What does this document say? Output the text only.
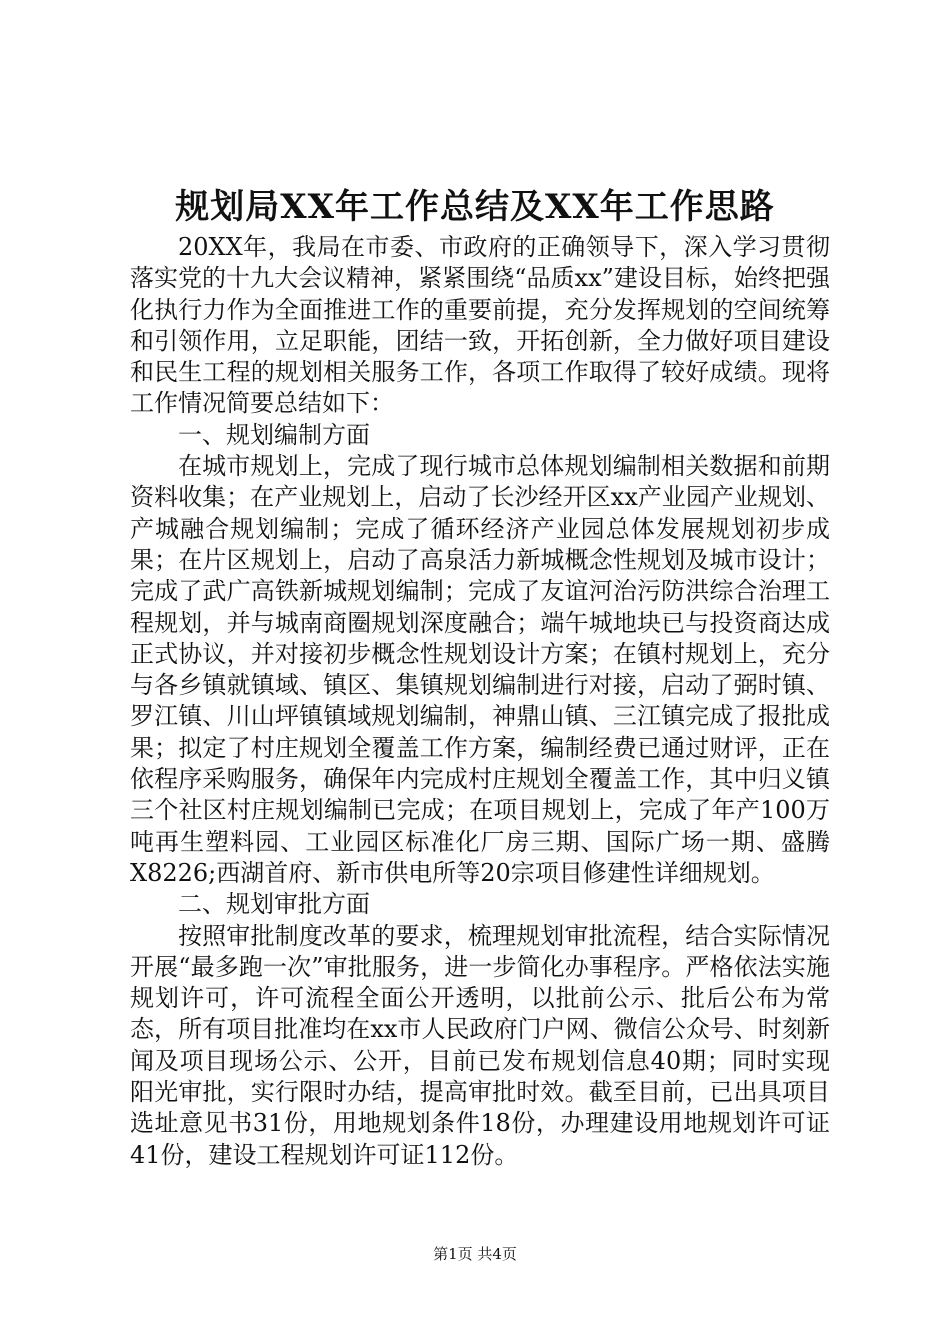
规划局XX年工作总结及XX年工作思路

20XX年，我局在市委、市政府的正确领导下，深入学习贯彻落实党的十九大会议精神，紧紧围绕“品质xx”建设目标，始终把强化执行力作为全面推进工作的重要前提，充分发挥规划的空间统筹和引领作用，立足职能，团结一致，开拓创新，全力做好项目建设和民生工程的规划相关服务工作，各项工作取得了较好成绩。现将工作情况简要总结如下：

一、规划编制方面

在城市规划上，完成了现行城市总体规划编制相关数据和前期资料收集；在产业规划上，启动了长沙经开区xx产业园产业规划、产城融合规划编制；完成了循环经济产业园总体发展规划初步成果；在片区规划上，启动了高泉活力新城概念性规划及城市设计；完成了武广高铁新城规划编制；完成了友谊河治污防洪综合治理工程规划，并与城南商圈规划深度融合；端午城地块已与投资商达成正式协议，并对接初步概念性规划设计方案；在镇村规划上，充分与各乡镇就镇域、镇区、集镇规划编制进行对接，启动了弼时镇、罗江镇、川山坪镇镇域规划编制，神鼎山镇、三江镇完成了报批成果；拟定了村庄规划全覆盖工作方案，编制经费已通过财评，正在依程序采购服务，确保年内完成村庄规划全覆盖工作，其中归义镇三个社区村庄规划编制已完成；在项目规划上，完成了年产100万吨再生塑料园、工业园区标准化厂房三期、国际广场一期、盛腾X8226;西湖首府、新市供电所等20宗项目修建性详细规划。

二、规划审批方面

按照审批制度改革的要求，梳理规划审批流程，结合实际情况开展“最多跑一次”审批服务，进一步简化办事程序。严格依法实施规划许可，许可流程全面公开透明，以批前公示、批后公布为常态，所有项目批准均在xx市人民政府门户网、微信公众号、时刻新闻及项目现场公示、公开，目前已发布规划信息40期；同时实现阳光审批，实行限时办结，提高审批时效。截至目前，已出具项目选址意见书31份，用地规划条件18份，办理建设用地规划许可证41份，建设工程规划许可证112份。

第1页 共4页
